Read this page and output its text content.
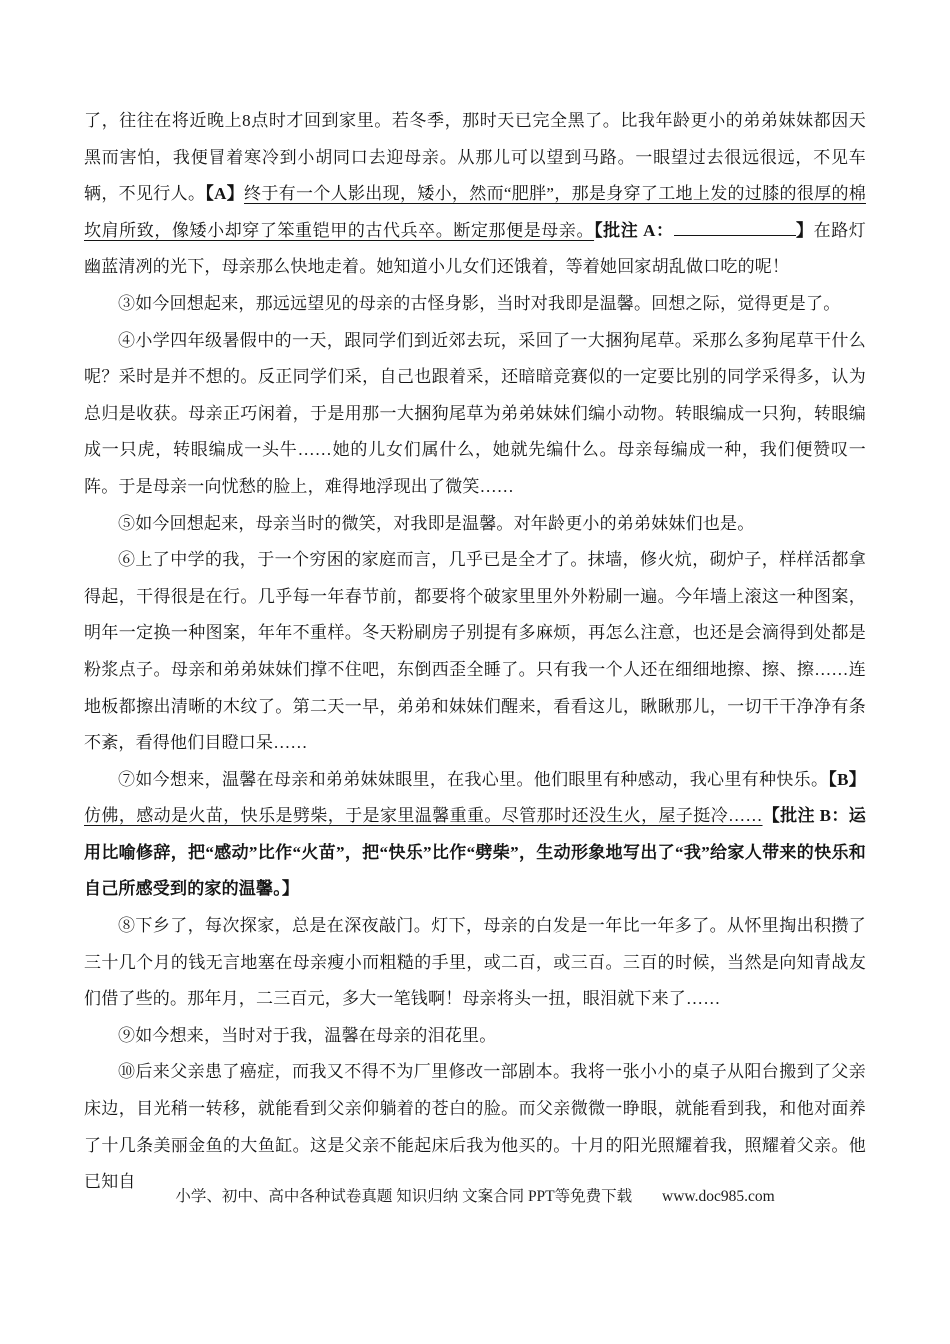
了，往往在将近晚上8点时才回到家里。若冬季，那时天已完全黑了。比我年龄更小的弟弟妹妹都因天黑而害怕，我便冒着寒冷到小胡同口去迎母亲。从那儿可以望到马路。一眼望过去很远很远，不见车辆，不见行人。【A】终于有一个人影出现，矮小，然而“肥胖”，那是身穿了工地上发的过膝的很厚的棉坎肩所致，像矮小却穿了笨重铠甲的古代兵卒。断定那便是母亲。【批注 A：	】在路灯幽蓝清冽的光下，母亲那么快地走着。她知道小儿女们还饿着，等着她回家胡乱做口吃的呢！

③如今回想起来，那远远望见的母亲的古怪身影，当时对我即是温馨。回想之际，觉得更是了。

④小学四年级暑假中的一天，跟同学们到近郊去玩，采回了一大捆狗尾草。采那么多狗尾草干什么呢？采时是并不想的。反正同学们采，自己也跟着采，还暗暗竞赛似的一定要比别的同学采得多，认为总归是收获。母亲正巧闲着，于是用那一大捆狗尾草为弟弟妹妹们编小动物。转眼编成一只狗，转眼编成一只虎，转眼编成一头牛……她的儿女们属什么，她就先编什么。母亲每编成一种，我们便赞叹一阵。于是母亲一向忧愁的脸上，难得地浮现出了微笑……

⑤如今回想起来，母亲当时的微笑，对我即是温馨。对年龄更小的弟弟妹妹们也是。

⑥上了中学的我，于一个穷困的家庭而言，几乎已是全才了。抹墙，修火炕，砌炉子，样样活都拿得起，干得很是在行。几乎每一年春节前，都要将个破家里里外外粉刷一遍。今年墙上滚这一种图案，明年一定换一种图案，年年不重样。冬天粉刷房子别提有多麻烦，再怎么注意，也还是会滴得到处都是粉浆点子。母亲和弟弟妹妹们撑不住吧，东倒西歪全睡了。只有我一个人还在细细地擦、擦、擦……连地板都擦出清晰的木纹了。第二天一早，弟弟和妹妹们醒来，看看这儿，瞅瞅那儿，一切干干净净有条不紊，看得他们目瞪口呆……

⑦如今想来，温馨在母亲和弟弟妹妹眼里，在我心里。他们眼里有种感动，我心里有种快乐。【B】仿佛，感动是火苗，快乐是劈柴，于是家里温馨重重。尽管那时还没生火，屋子挺冷……【批注 B：运用比喻修辞，把“感动”比作“火苗”，把“快乐”比作“劈柴”，生动形象地写出了“我”给家人带来的快乐和自己所感受到的家的温馨。】

⑧下乡了，每次探家，总是在深夜敲门。灯下，母亲的白发是一年比一年多了。从怀里掏出积攒了三十几个月的钱无言地塞在母亲瘦小而粗糙的手里，或二百，或三百。三百的时候，当然是向知青战友们借了些的。那年月，二三百元，多大一笔钱啊！母亲将头一扭，眼泪就下来了……

⑨如今想来，当时对于我，温馨在母亲的泪花里。

⑩后来父亲患了癌症，而我又不得不为厂里修改一部剧本。我将一张小小的桌子从阳台搬到了父亲床边，目光稍一转移，就能看到父亲仰躺着的苍白的脸。而父亲微微一睁眼，就能看到我，和他对面养了十几条美丽金鱼的大鱼缸。这是父亲不能起床后我为他买的。十月的阳光照耀着我，照耀着父亲。他已知自

小学、初中、高中各种试卷真题 知识归纳 文案合同 PPT等免费下载 www.doc985.com
